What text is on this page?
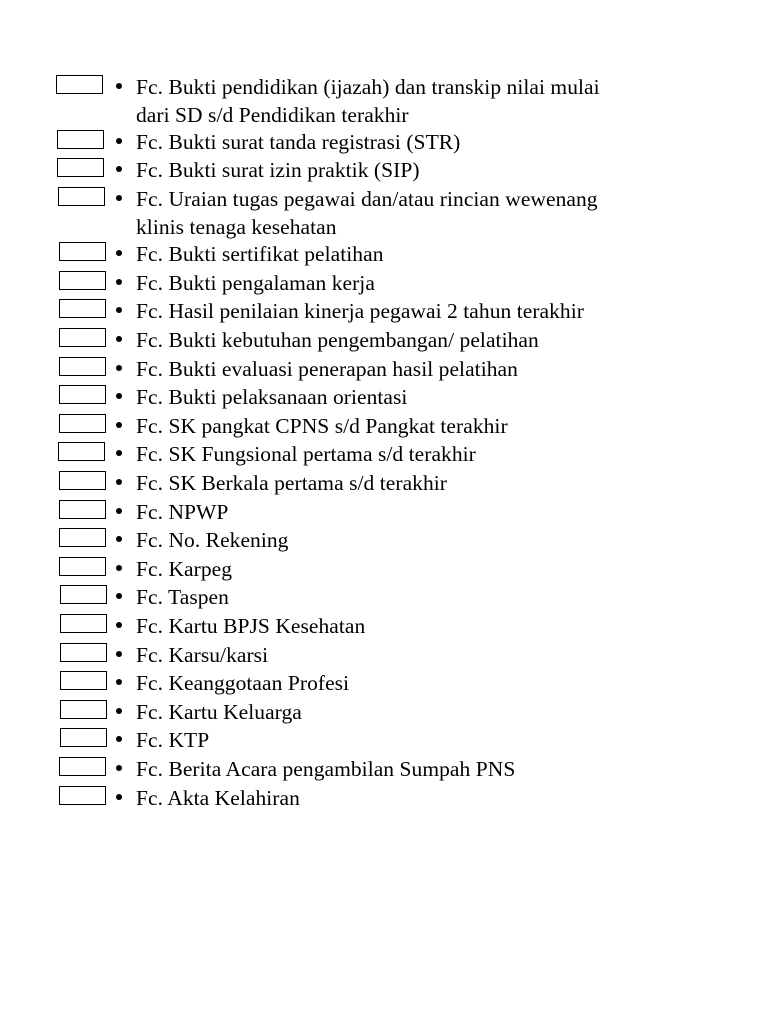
Fc. Bukti pendidikan (ijazah) dan transkip nilai mulai
dari SD s/d Pendidikan terakhir
Fc. Bukti surat tanda registrasi (STR)
Fc. Bukti surat izin praktik (SIP)
Fc. Uraian tugas pegawai dan/atau rincian wewenang
klinis tenaga kesehatan
Fc. Bukti sertifikat pelatihan
Fc. Bukti pengalaman kerja
Fc. Hasil penilaian kinerja pegawai 2 tahun terakhir
Fc. Bukti kebutuhan pengembangan/ pelatihan
Fc. Bukti evaluasi penerapan hasil pelatihan
Fc. Bukti pelaksanaan orientasi
Fc. SK pangkat CPNS s/d Pangkat terakhir
Fc. SK Fungsional pertama s/d terakhir
Fc. SK Berkala pertama s/d terakhir
Fc. NPWP
Fc. No. Rekening
Fc. Karpeg
Fc. Taspen
Fc. Kartu BPJS Kesehatan
Fc. Karsu/karsi
Fc. Keanggotaan Profesi
Fc. Kartu Keluarga
Fc. KTP
Fc. Berita Acara pengambilan Sumpah PNS
Fc. Akta Kelahiran
